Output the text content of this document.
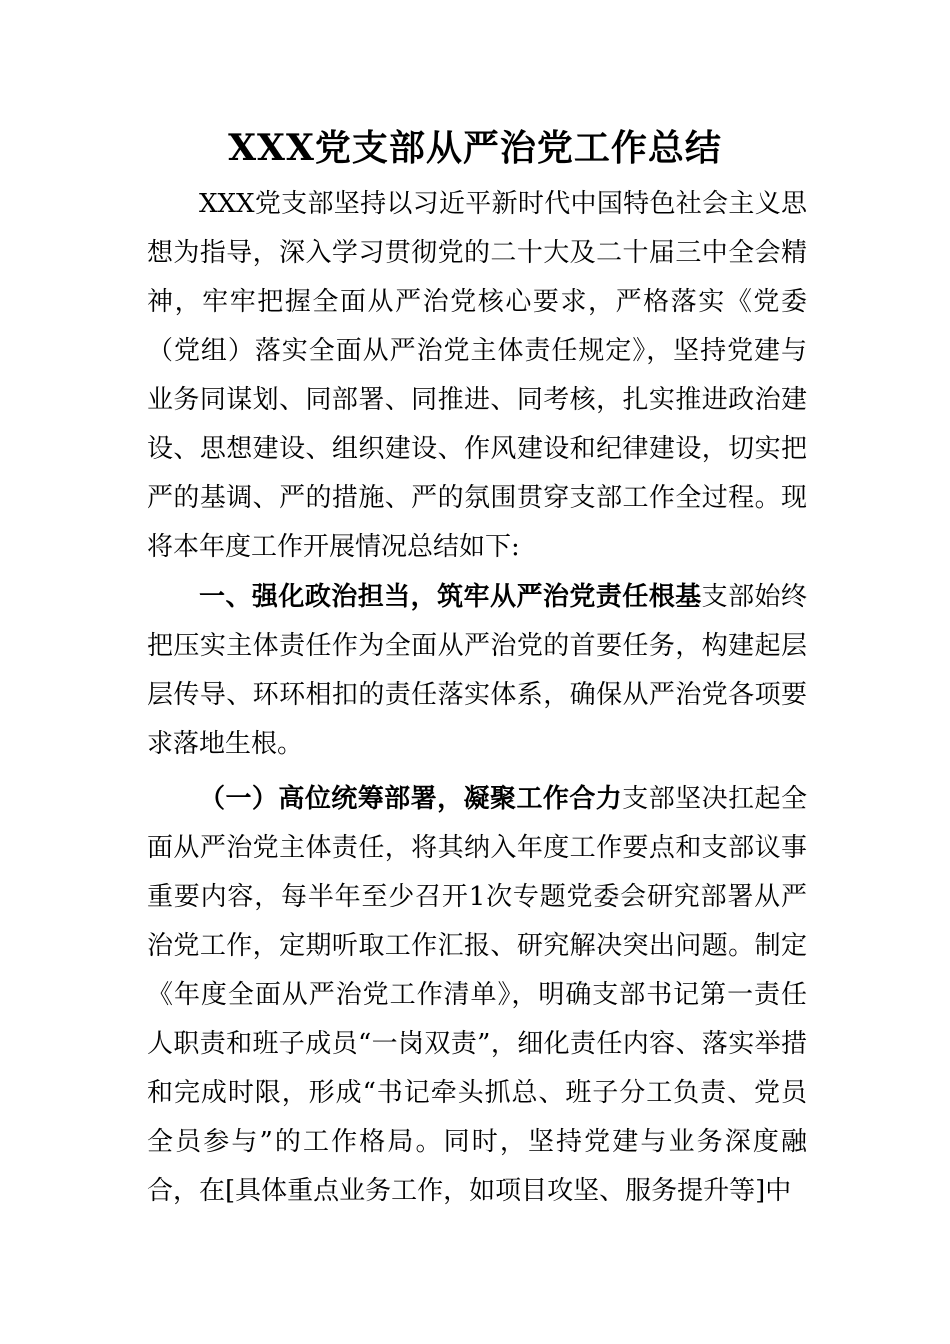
XXX党支部从严治党工作总结

XXX党支部坚持以习近平新时代中国特色社会主义思想为指导，深入学习贯彻党的二十大及二十届三中全会精神，牢牢把握全面从严治党核心要求，严格落实《党委（党组）落实全面从严治党主体责任规定》，坚持党建与业务同谋划、同部署、同推进、同考核，扎实推进政治建设、思想建设、组织建设、作风建设和纪律建设，切实把严的基调、严的措施、严的氛围贯穿支部工作全过程。现将本年度工作开展情况总结如下:

一、强化政治担当，筑牢从严治党责任根基支部始终把压实主体责任作为全面从严治党的首要任务，构建起层层传导、环环相扣的责任落实体系，确保从严治党各项要求落地生根。

（一）高位统筹部署，凝聚工作合力支部坚决扛起全面从严治党主体责任，将其纳入年度工作要点和支部议事重要内容，每半年至少召开1次专题党委会研究部署从严治党工作，定期听取工作汇报、研究解决突出问题。制定《年度全面从严治党工作清单》，明确支部书记第一责任人职责和班子成员“一岗双责”，细化责任内容、落实举措和完成时限，形成“书记牵头抓总、班子分工负责、党员全员参与”的工作格局。同时，坚持党建与业务深度融合，在[具体重点业务工作，如项目攻坚、服务提升等]中
